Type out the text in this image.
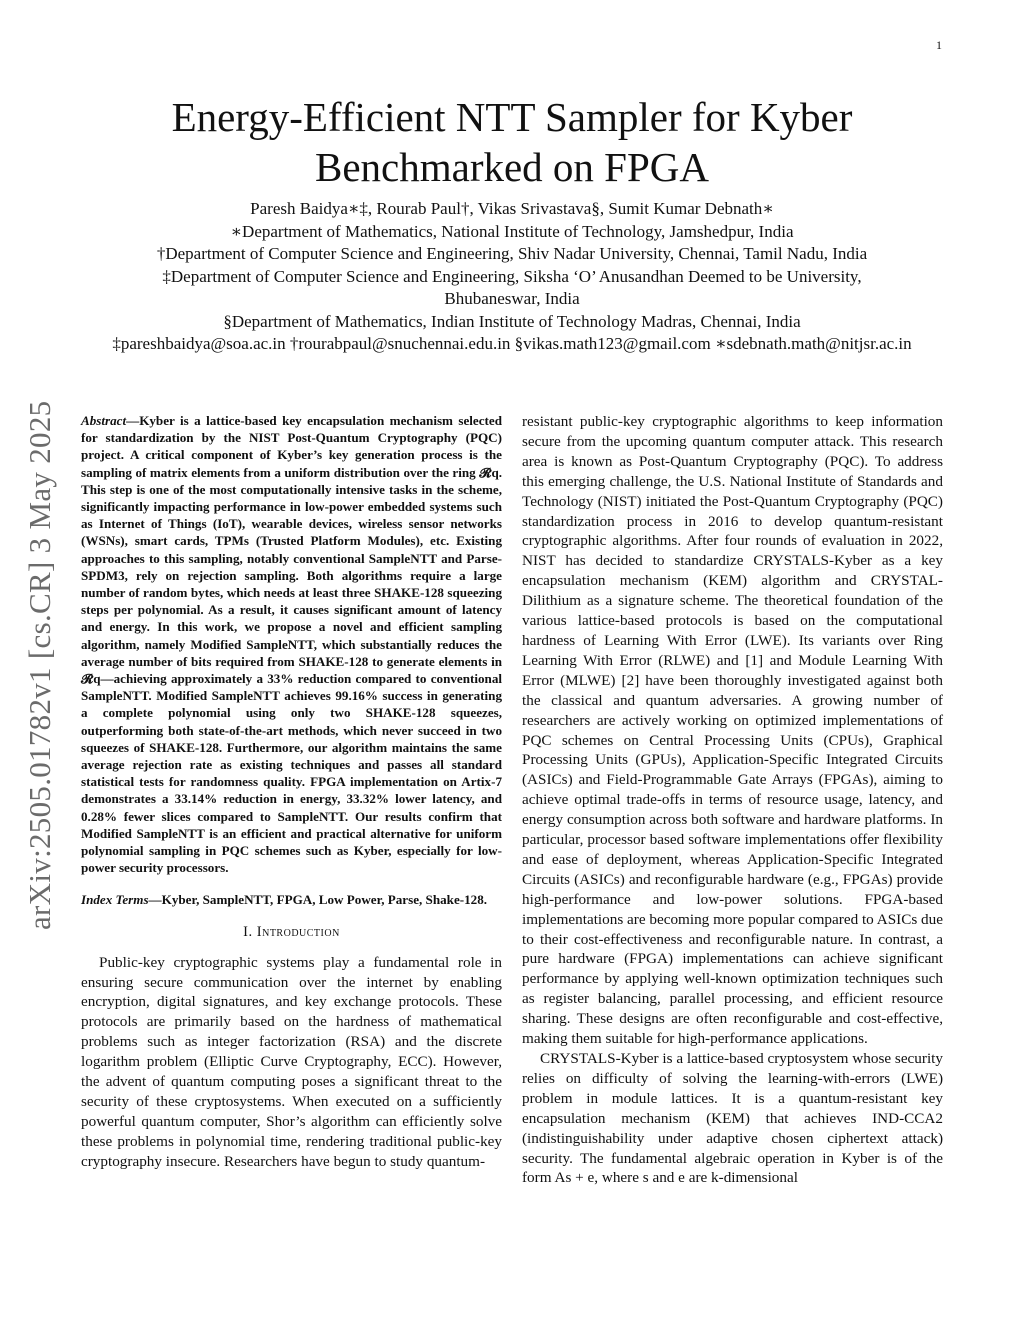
1
arXiv:2505.01782v1 [cs.CR] 3 May 2025
Energy-Efficient NTT Sampler for Kyber
Benchmarked on FPGA
Paresh Baidya∗‡, Rourab Paul†, Vikas Srivastava§, Sumit Kumar Debnath∗
∗Department of Mathematics, National Institute of Technology, Jamshedpur, India
†Department of Computer Science and Engineering, Shiv Nadar University, Chennai, Tamil Nadu, India
‡Department of Computer Science and Engineering, Siksha ‘O’ Anusandhan Deemed to be University,
Bhubaneswar, India
§Department of Mathematics, Indian Institute of Technology Madras, Chennai, India
‡pareshbaidya@soa.ac.in †rourabpaul@snuchennai.edu.in §vikas.math123@gmail.com ∗sdebnath.math@nitjsr.ac.in

Abstract—Kyber is a lattice-based key encapsulation mechanism selected for standardization by the NIST Post-Quantum Cryptography (PQC) project. A critical component of Kyber’s key generation process is the sampling of matrix elements from a uniform distribution over the ring 𝓡q. This step is one of the most computationally intensive tasks in the scheme, significantly impacting performance in low-power embedded systems such as Internet of Things (IoT), wearable devices, wireless sensor networks (WSNs), smart cards, TPMs (Trusted Platform Modules), etc. Existing approaches to this sampling, notably conventional SampleNTT and Parse-SPDM3, rely on rejection sampling. Both algorithms require a large number of random bytes, which needs at least three SHAKE-128 squeezing steps per polynomial. As a result, it causes significant amount of latency and energy. In this work, we propose a novel and efficient sampling algorithm, namely Modified SampleNTT, which substantially reduces the average number of bits required from SHAKE-128 to generate elements in 𝓡q—achieving approximately a 33% reduction compared to conventional SampleNTT. Modified SampleNTT achieves 99.16% success in generating a complete polynomial using only two SHAKE-128 squeezes, outperforming both state-of-the-art methods, which never succeed in two squeezes of SHAKE-128. Furthermore, our algorithm maintains the same average rejection rate as existing techniques and passes all standard statistical tests for randomness quality. FPGA implementation on Artix-7 demonstrates a 33.14% reduction in energy, 33.32% lower latency, and 0.28% fewer slices compared to SampleNTT. Our results confirm that Modified SampleNTT is an efficient and practical alternative for uniform polynomial sampling in PQC schemes such as Kyber, especially for low-power security processors.

Index Terms—Kyber, SampleNTT, FPGA, Low Power, Parse, Shake-128.

I. Introduction

Public-key cryptographic systems play a fundamental role in ensuring secure communication over the internet by enabling encryption, digital signatures, and key exchange protocols. These protocols are primarily based on the hardness of mathematical problems such as integer factorization (RSA) and the discrete logarithm problem (Elliptic Curve Cryptography, ECC). However, the advent of quantum computing poses a significant threat to the security of these cryptosystems. When executed on a sufficiently powerful quantum computer, Shor’s algorithm can efficiently solve these problems in polynomial time, rendering traditional public-key cryptography insecure. Researchers have begun to study quantum-

resistant public-key cryptographic algorithms to keep information secure from the upcoming quantum computer attack. This research area is known as Post-Quantum Cryptography (PQC). To address this emerging challenge, the U.S. National Institute of Standards and Technology (NIST) initiated the Post-Quantum Cryptography (PQC) standardization process in 2016 to develop quantum-resistant cryptographic algorithms. After four rounds of evaluation in 2022, NIST has decided to standardize CRYSTALS-Kyber as a key encapsulation mechanism (KEM) algorithm and CRYSTAL-Dilithium as a signature scheme. The theoretical foundation of the various lattice-based protocols is based on the computational hardness of Learning With Error (LWE). Its variants over Ring Learning With Error (RLWE) and [1] and Module Learning With Error (MLWE) [2] have been thoroughly investigated against both the classical and quantum adversaries. A growing number of researchers are actively working on optimized implementations of PQC schemes on Central Processing Units (CPUs), Graphical Processing Units (GPUs), Application-Specific Integrated Circuits (ASICs) and Field-Programmable Gate Arrays (FPGAs), aiming to achieve optimal trade-offs in terms of resource usage, latency, and energy consumption across both software and hardware platforms. In particular, processor based software implementations offer flexibility and ease of deployment, whereas Application-Specific Integrated Circuits (ASICs) and reconfigurable hardware (e.g., FPGAs) provide high-performance and low-power solutions. FPGA-based implementations are becoming more popular compared to ASICs due to their cost-effectiveness and reconfigurable nature. In contrast, a pure hardware (FPGA) implementations can achieve significant performance by applying well-known optimization techniques such as register balancing, parallel processing, and efficient resource sharing. These designs are often reconfigurable and cost-effective, making them suitable for high-performance applications.

CRYSTALS-Kyber is a lattice-based cryptosystem whose security relies on difficulty of solving the learning-with-errors (LWE) problem in module lattices. It is a quantum-resistant key encapsulation mechanism (KEM) that achieves IND-CCA2 (indistinguishability under adaptive chosen ciphertext attack) security. The fundamental algebraic operation in Kyber is of the form As + e, where s and e are k-dimensional
